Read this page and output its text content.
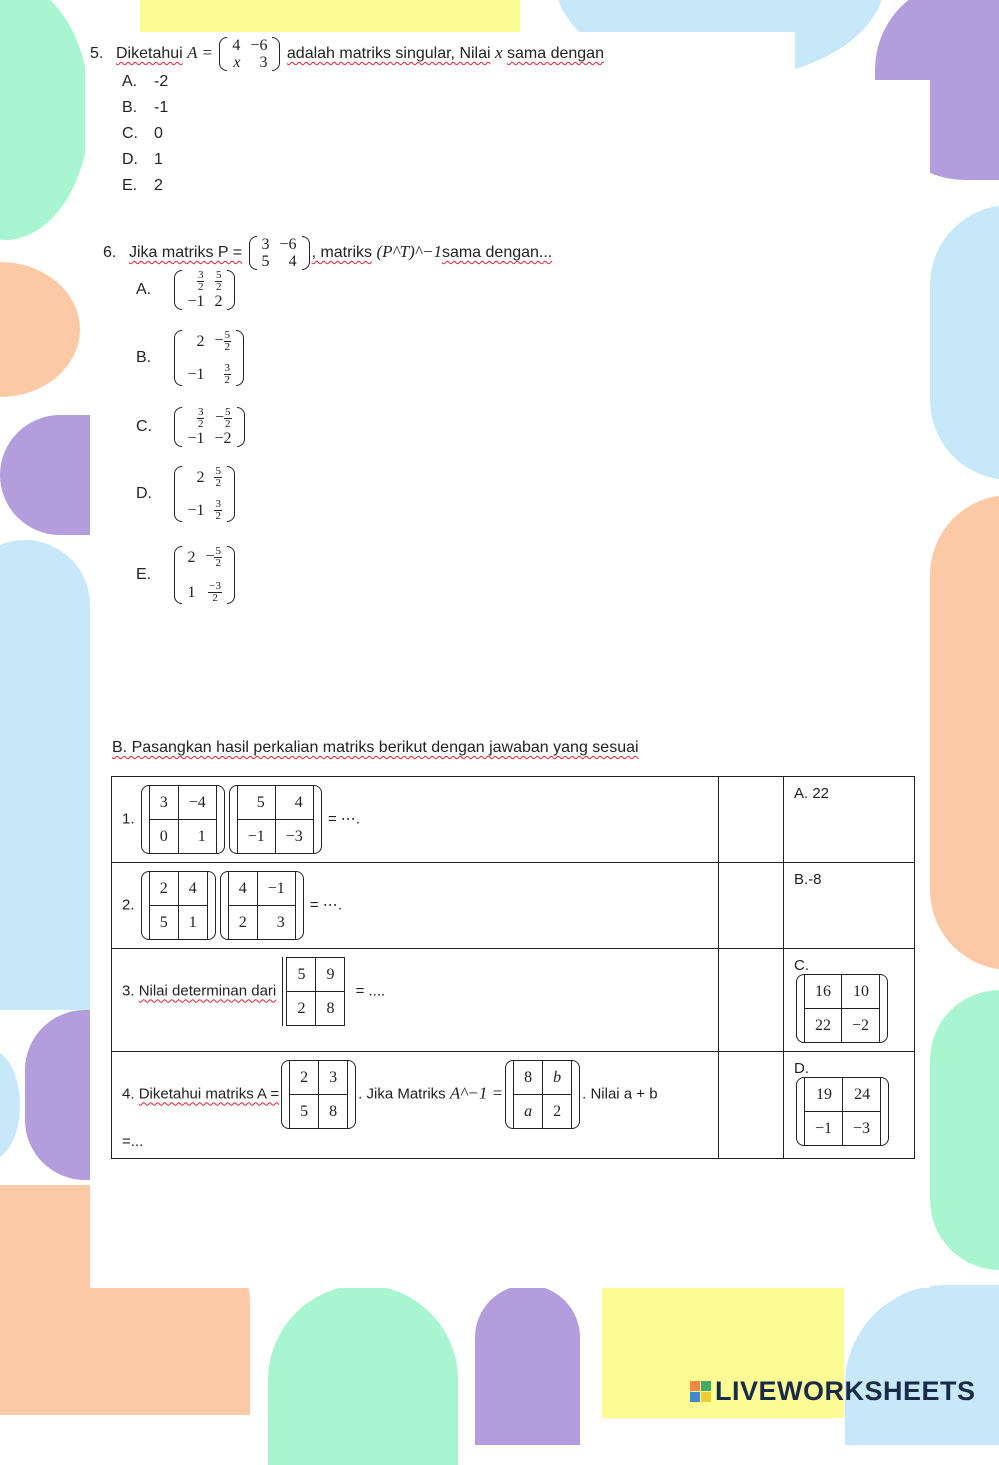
5. Diketahui A = 4	−6
x	3
adalah matriks singular, Nilai x sama dengan
A. -2
B. -1
C. 0
D. 1
E. 2
6. Jika matriks P = 3	−6
5	4
, matriks (P^T)^−1sama dengan...
A.	$\frac{3}{2}$	$\frac{5}{2}$

−1	2
B.
2	− $\frac{5}{2}$

−1	$\frac{3}{2}$
C.	$\frac{3}{2}$	− $\frac{5}{2}$

−1	−2
D.
2	$\frac{5}{2}$

−1	$\frac{3}{2}$
E.
2	− $\frac{5}{2}$

1	$\frac{-3}{2}$
B. Pasangkan hasil perkalian matriks berikut dengan jawaban yang sesuai
1.
3	−4
0	1
5	4
−1	−3
= ⋯.		A. 22
2.
2	4
5	1
4	−1
2	3
= ⋯.		B.-8
3. Nilai determinan dari
5	9
2	8
= ....		C.
16	10
22	−2

4. Diketahui matriks A =
2	3
5	8
. Jika Matriks A^−1 =
8	b
a	2
. Nilai a + b
=...
		D.
19	24
−1	−3
LIVEWORKSHEETS
